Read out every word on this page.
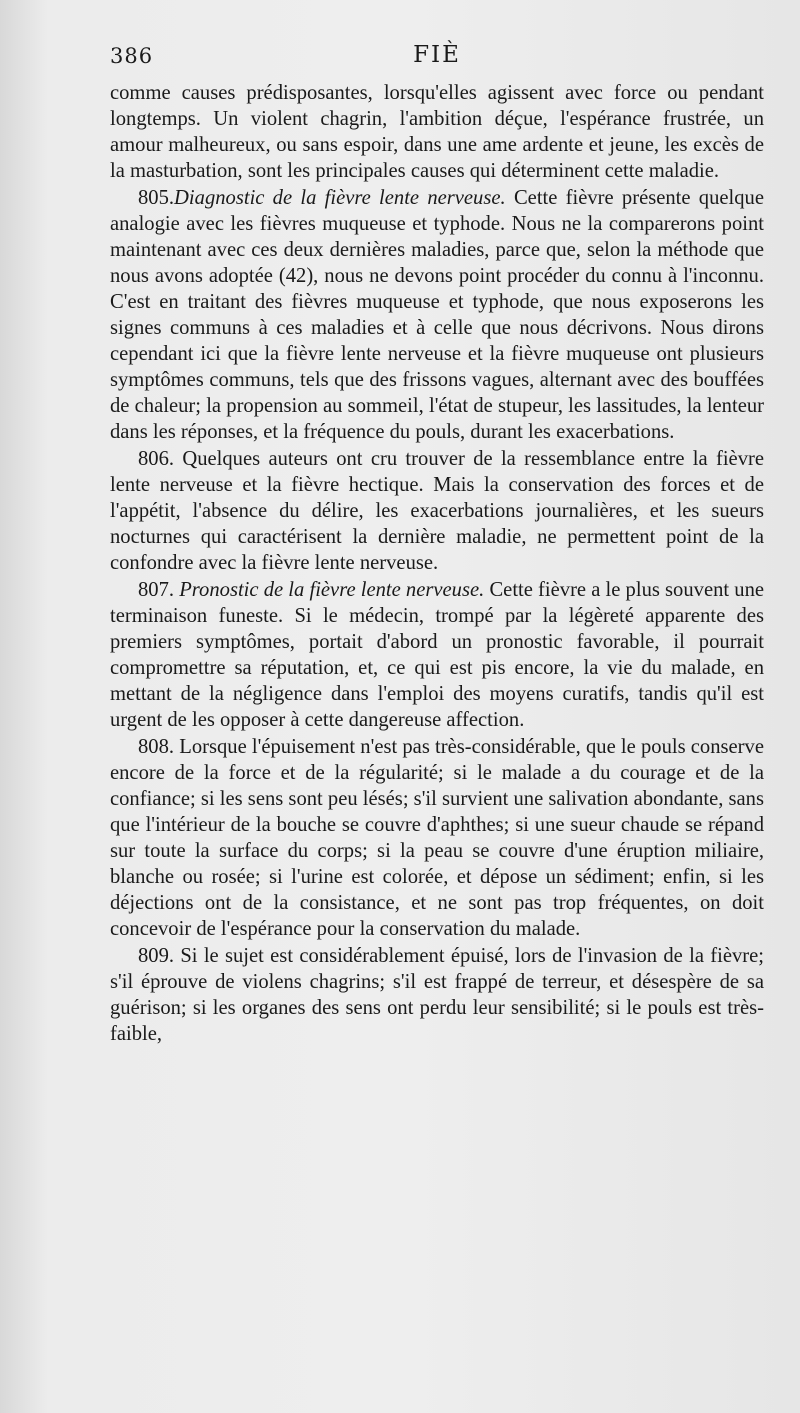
386	FIÈ

comme causes prédisposantes, lorsqu'elles agissent avec force ou pendant longtemps. Un violent chagrin, l'ambition déçue, l'espérance frustrée, un amour malheureux, ou sans espoir, dans une ame ardente et jeune, les excès de la masturbation, sont les principales causes qui déterminent cette maladie.

805.Diagnostic de la fièvre lente nerveuse. Cette fièvre présente quelque analogie avec les fièvres muqueuse et typhode. Nous ne la comparerons point maintenant avec ces deux dernières maladies, parce que, selon la méthode que nous avons adoptée (42), nous ne devons point procéder du connu à l'inconnu. C'est en traitant des fièvres muqueuse et typhode, que nous exposerons les signes communs à ces maladies et à celle que nous décrivons. Nous dirons cependant ici que la fièvre lente nerveuse et la fièvre muqueuse ont plusieurs symptômes communs, tels que des frissons vagues, alternant avec des bouffées de chaleur; la propension au sommeil, l'état de stupeur, les lassitudes, la lenteur dans les réponses, et la fréquence du pouls, durant les exacerbations.

806. Quelques auteurs ont cru trouver de la ressemblance entre la fièvre lente nerveuse et la fièvre hectique. Mais la conservation des forces et de l'appétit, l'absence du délire, les exacerbations journalières, et les sueurs nocturnes qui caractérisent la dernière maladie, ne permettent point de la confondre avec la fièvre lente nerveuse.

807. Pronostic de la fièvre lente nerveuse. Cette fièvre a le plus souvent une terminaison funeste. Si le médecin, trompé par la légèreté apparente des premiers symptômes, portait d'abord un pronostic favorable, il pourrait compromettre sa réputation, et, ce qui est pis encore, la vie du malade, en mettant de la négligence dans l'emploi des moyens curatifs, tandis qu'il est urgent de les opposer à cette dangereuse affection.

808. Lorsque l'épuisement n'est pas très-considérable, que le pouls conserve encore de la force et de la régularité; si le malade a du courage et de la confiance; si les sens sont peu lésés; s'il survient une salivation abondante, sans que l'intérieur de la bouche se couvre d'aphthes; si une sueur chaude se répand sur toute la surface du corps; si la peau se couvre d'une éruption miliaire, blanche ou rosée; si l'urine est colorée, et dépose un sédiment; enfin, si les déjections ont de la consistance, et ne sont pas trop fréquentes, on doit concevoir de l'espérance pour la conservation du malade.

809. Si le sujet est considérablement épuisé, lors de l'invasion de la fièvre; s'il éprouve de violens chagrins; s'il est frappé de terreur, et désespère de sa guérison; si les organes des sens ont perdu leur sensibilité; si le pouls est très-faible,
